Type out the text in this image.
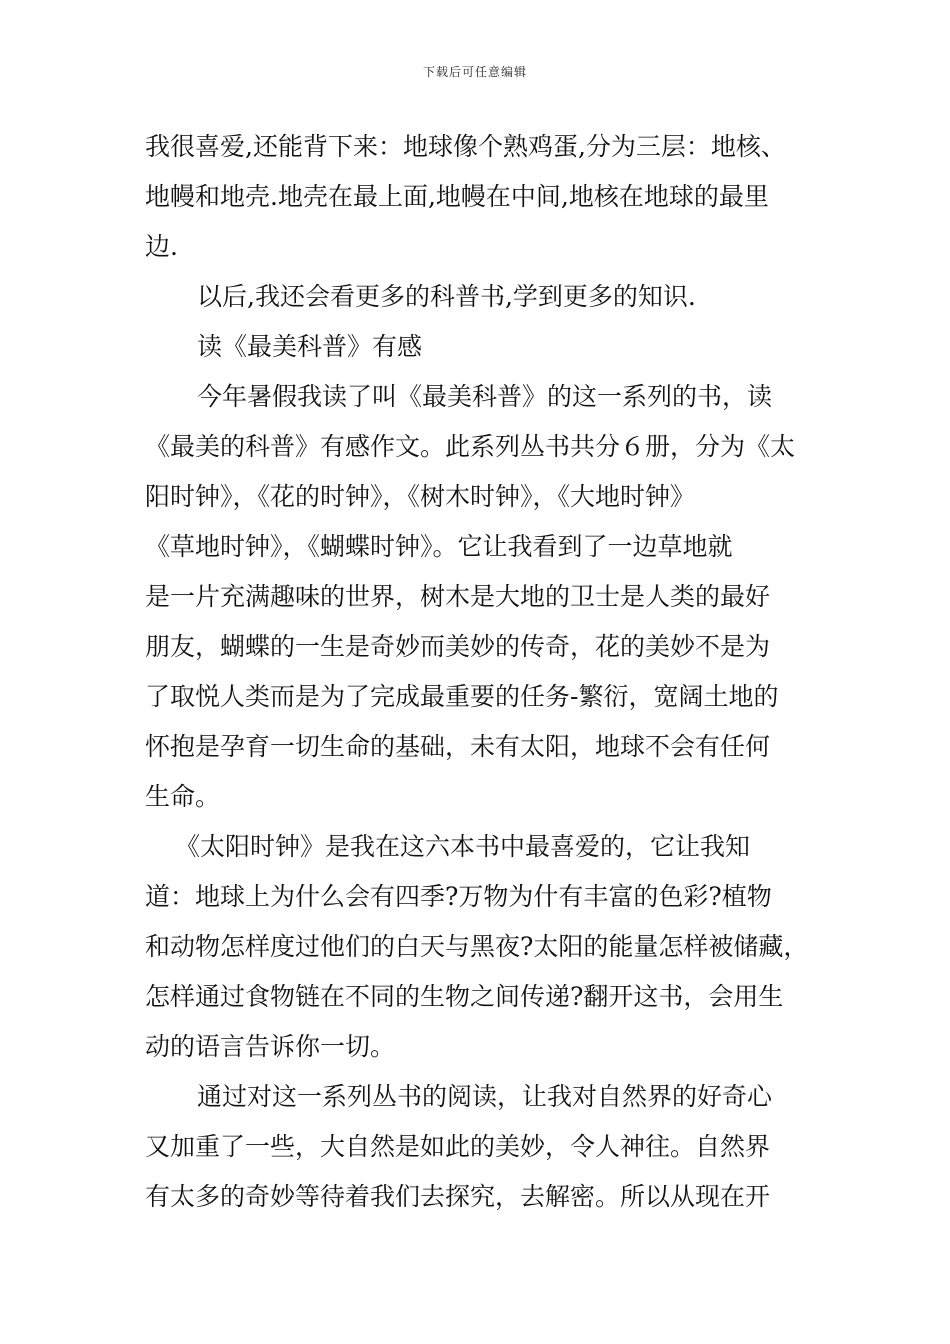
下载后可任意编辑
我很喜爱,还能背下来：地球像个熟鸡蛋,分为三层：地核、
地幔和地壳.地壳在最上面,地幔在中间,地核在地球的最里
边.
以后,我还会看更多的科普书,学到更多的知识.
读《最美科普》有感
今年暑假我读了叫《最美科普》的这一系列的书，读
《最美的科普》有感作文。此系列丛书共分６册，分为《太
阳时钟》，《花的时钟》，《树木时钟》，《大地时钟》
《草地时钟》，《蝴蝶时钟》。它让我看到了一边草地就
是一片充满趣味的世界，树木是大地的卫士是人类的最好
朋友，蝴蝶的一生是奇妙而美妙的传奇，花的美妙不是为
了取悦人类而是为了完成最重要的任务-繁衍，宽阔土地的
怀抱是孕育一切生命的基础，未有太阳，地球不会有任何
生命。
《太阳时钟》是我在这六本书中最喜爱的，它让我知
道：地球上为什么会有四季?万物为什有丰富的色彩?植物
和动物怎样度过他们的白天与黑夜?太阳的能量怎样被储藏，
怎样通过食物链在不同的生物之间传递?翻开这书，会用生
动的语言告诉你一切。
通过对这一系列丛书的阅读，让我对自然界的好奇心
又加重了一些，大自然是如此的美妙，令人神往。自然界
有太多的奇妙等待着我们去探究，去解密。所以从现在开
